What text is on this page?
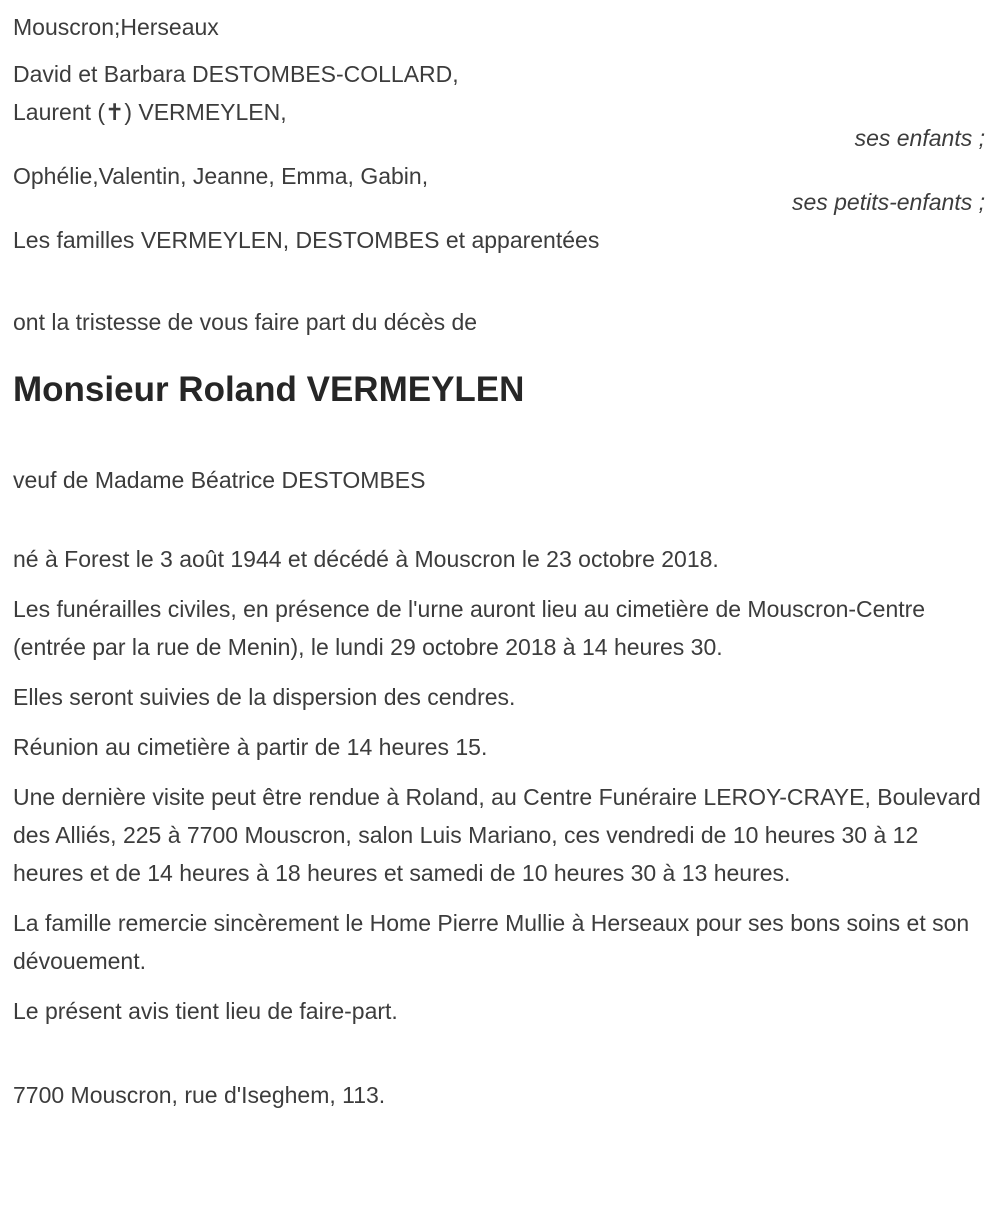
Mouscron;Herseaux

David et Barbara DESTOMBES-COLLARD,
Laurent (✝) VERMEYLEN,

ses enfants ;

Ophélie,Valentin, Jeanne, Emma, Gabin,

ses petits-enfants ;

Les familles VERMEYLEN, DESTOMBES et apparentées

ont la tristesse de vous faire part du décès de

Monsieur Roland VERMEYLEN

veuf de Madame Béatrice DESTOMBES

né à Forest le 3 août 1944 et décédé à Mouscron le 23 octobre 2018.

Les funérailles civiles, en présence de l'urne auront lieu au cimetière de Mouscron-Centre (entrée par la rue de Menin), le lundi 29 octobre 2018 à 14 heures 30.

Elles seront suivies de la dispersion des cendres.

Réunion au cimetière à partir de 14 heures 15.

Une dernière visite peut être rendue à Roland, au Centre Funéraire LEROY-CRAYE, Boulevard des Alliés, 225 à 7700 Mouscron, salon Luis Mariano, ces vendredi de 10 heures 30 à 12 heures et de 14 heures à 18 heures et samedi de 10 heures 30 à 13 heures.

La famille remercie sincèrement le Home Pierre Mullie à Herseaux pour ses bons soins et son dévouement.

Le présent avis tient lieu de faire-part.

7700 Mouscron, rue d'Iseghem, 113.
